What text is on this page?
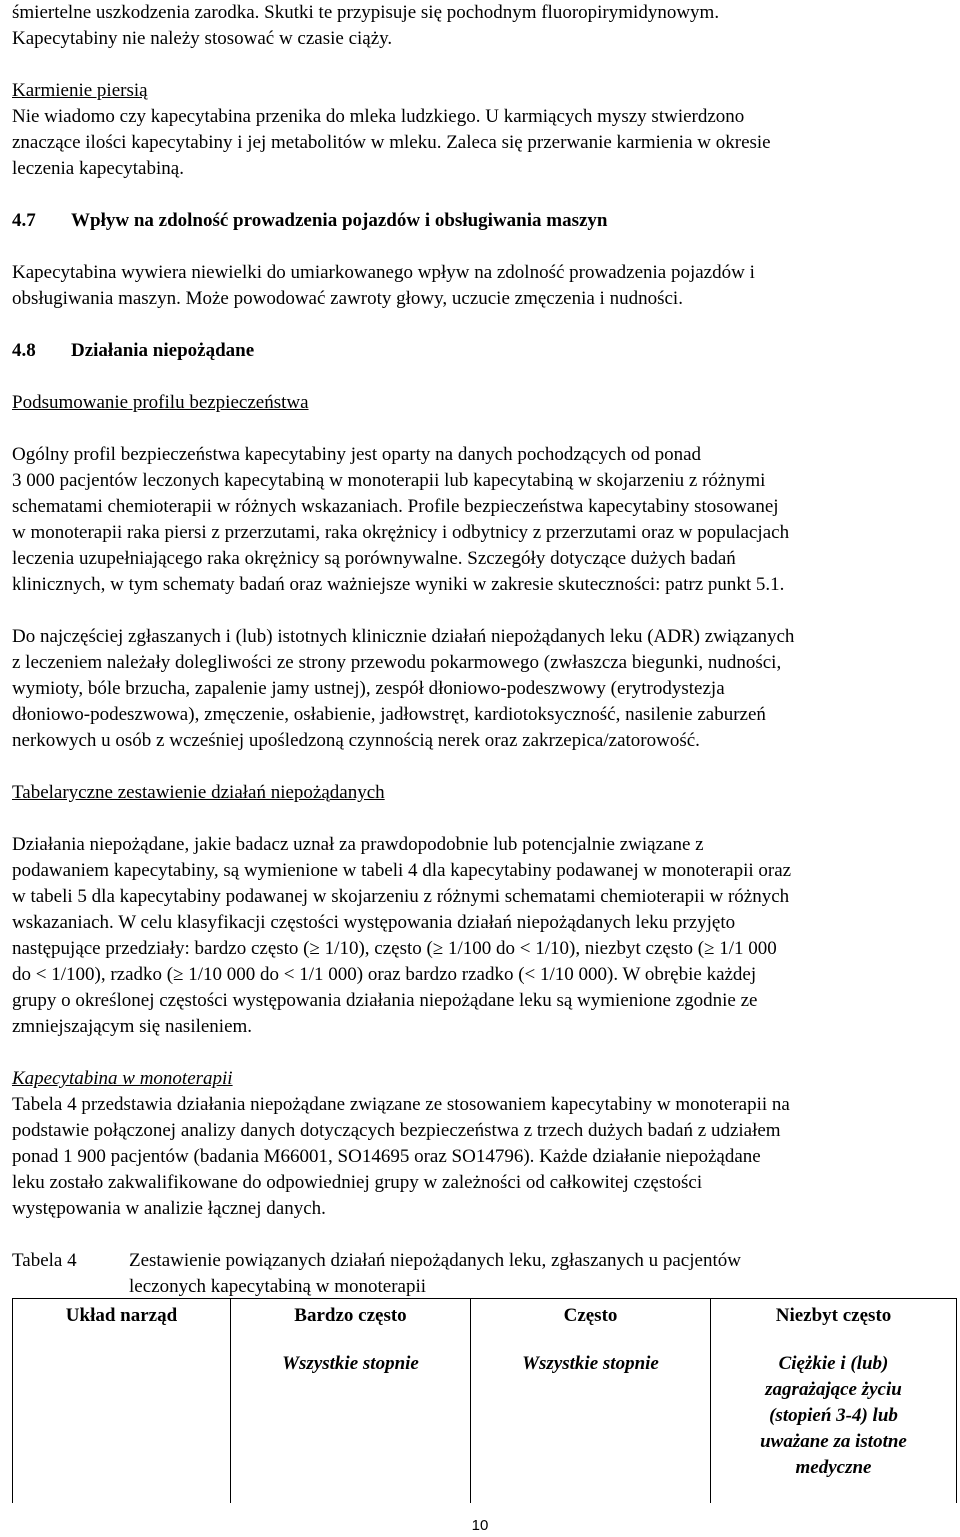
śmiertelne uszkodzenia zarodka. Skutki te przypisuje się pochodnym fluoropirymidynowym.
Kapecytabiny nie należy stosować w czasie ciąży.
Karmienie piersią
Nie wiadomo czy kapecytabina przenika do mleka ludzkiego. U karmiących myszy stwierdzono
znaczące ilości kapecytabiny i jej metabolitów w mleku. Zaleca się przerwanie karmienia w okresie
leczenia kapecytabiną.
4.7 Wpływ na zdolność prowadzenia pojazdów i obsługiwania maszyn
Kapecytabina wywiera niewielki do umiarkowanego wpływ na zdolność prowadzenia pojazdów i
obsługiwania maszyn. Może powodować zawroty głowy, uczucie zmęczenia i nudności.
4.8 Działania niepożądane
Podsumowanie profilu bezpieczeństwa
Ogólny profil bezpieczeństwa kapecytabiny jest oparty na danych pochodzących od ponad
3 000 pacjentów leczonych kapecytabiną w monoterapii lub kapecytabiną w skojarzeniu z różnymi
schematami chemioterapii w różnych wskazaniach. Profile bezpieczeństwa kapecytabiny stosowanej
w monoterapii raka piersi z przerzutami, raka okrężnicy i odbytnicy z przerzutami oraz w populacjach
leczenia uzupełniającego raka okrężnicy są porównywalne. Szczegóły dotyczące dużych badań
klinicznych, w tym schematy badań oraz ważniejsze wyniki w zakresie skuteczności: patrz punkt 5.1.
Do najczęściej zgłaszanych i (lub) istotnych klinicznie działań niepożądanych leku (ADR) związanych
z leczeniem należały dolegliwości ze strony przewodu pokarmowego (zwłaszcza biegunki, nudności,
wymioty, bóle brzucha, zapalenie jamy ustnej), zespół dłoniowo-podeszwowy (erytrodystezja
dłoniowo-podeszwowa), zmęczenie, osłabienie, jadłowstręt, kardiotoksyczność, nasilenie zaburzeń
nerkowych u osób z wcześniej upośledzoną czynnością nerek oraz zakrzepica/zatorowość.
Tabelaryczne zestawienie działań niepożądanych
Działania niepożądane, jakie badacz uznał za prawdopodobnie lub potencjalnie związane z
podawaniem kapecytabiny, są wymienione w tabeli 4 dla kapecytabiny podawanej w monoterapii oraz
w tabeli 5 dla kapecytabiny podawanej w skojarzeniu z różnymi schematami chemioterapii w różnych
wskazaniach. W celu klasyfikacji częstości występowania działań niepożądanych leku przyjęto
następujące przedziały: bardzo często (≥ 1/10), często (≥ 1/100 do < 1/10), niezbyt często (≥ 1/1 000
do < 1/100), rzadko (≥ 1/10 000 do < 1/1 000) oraz bardzo rzadko (< 1/10 000). W obrębie każdej
grupy o określonej częstości występowania działania niepożądane leku są wymienione zgodnie ze
zmniejszającym się nasileniem.
Kapecytabina w monoterapii
Tabela 4 przedstawia działania niepożądane związane ze stosowaniem kapecytabiny w monoterapii na
podstawie połączonej analizy danych dotyczących bezpieczeństwa z trzech dużych badań z udziałem
ponad 1 900 pacjentów (badania M66001, SO14695 oraz SO14796). Każde działanie niepożądane
leku zostało zakwalifikowane do odpowiedniej grupy w zależności od całkowitej częstości
występowania w analizie łącznej danych.
Tabela 4	Zestawienie powiązanych działań niepożądanych leku, zgłaszanych u pacjentów
leczonych kapecytabiną w monoterapii
Układ narząd	Bardzo często	Często	Niezbyt często
	Wszystkie stopnie	Wszystkie stopnie	Ciężkie i (lub) zagrażające życiu (stopień 3-4) lub uważane za istotne medyczne
10
